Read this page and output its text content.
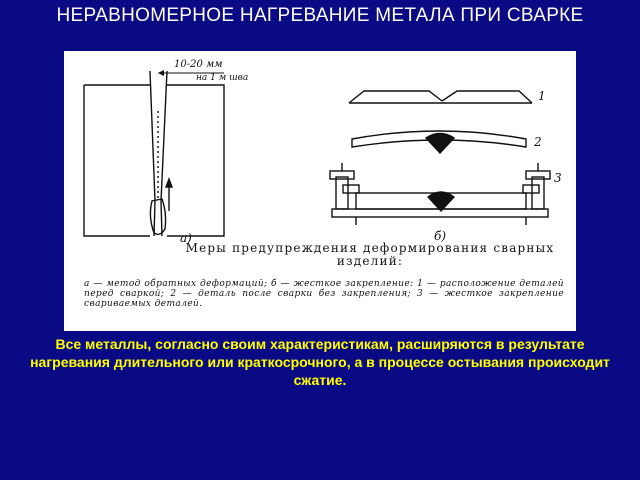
НЕРАВНОМЕРНОЕ НАГРЕВАНИЕ МЕТАЛА ПРИ СВАРКЕ
10-20 мм
на 1 м шва
а)
1
2
3
б)
Меры предупреждения деформирования сварных изделий:
а — метод обратных деформаций; б — жесткое закрепление: 1 — расположение деталей перед сваркой; 2 — деталь после сварки без закрепления; 3 — жесткое закрепление свариваемых деталей.
Все металлы, согласно своим характеристикам, расширяются в результате нагревания длительного или краткосрочного, а в процессе остывания происходит сжатие.
